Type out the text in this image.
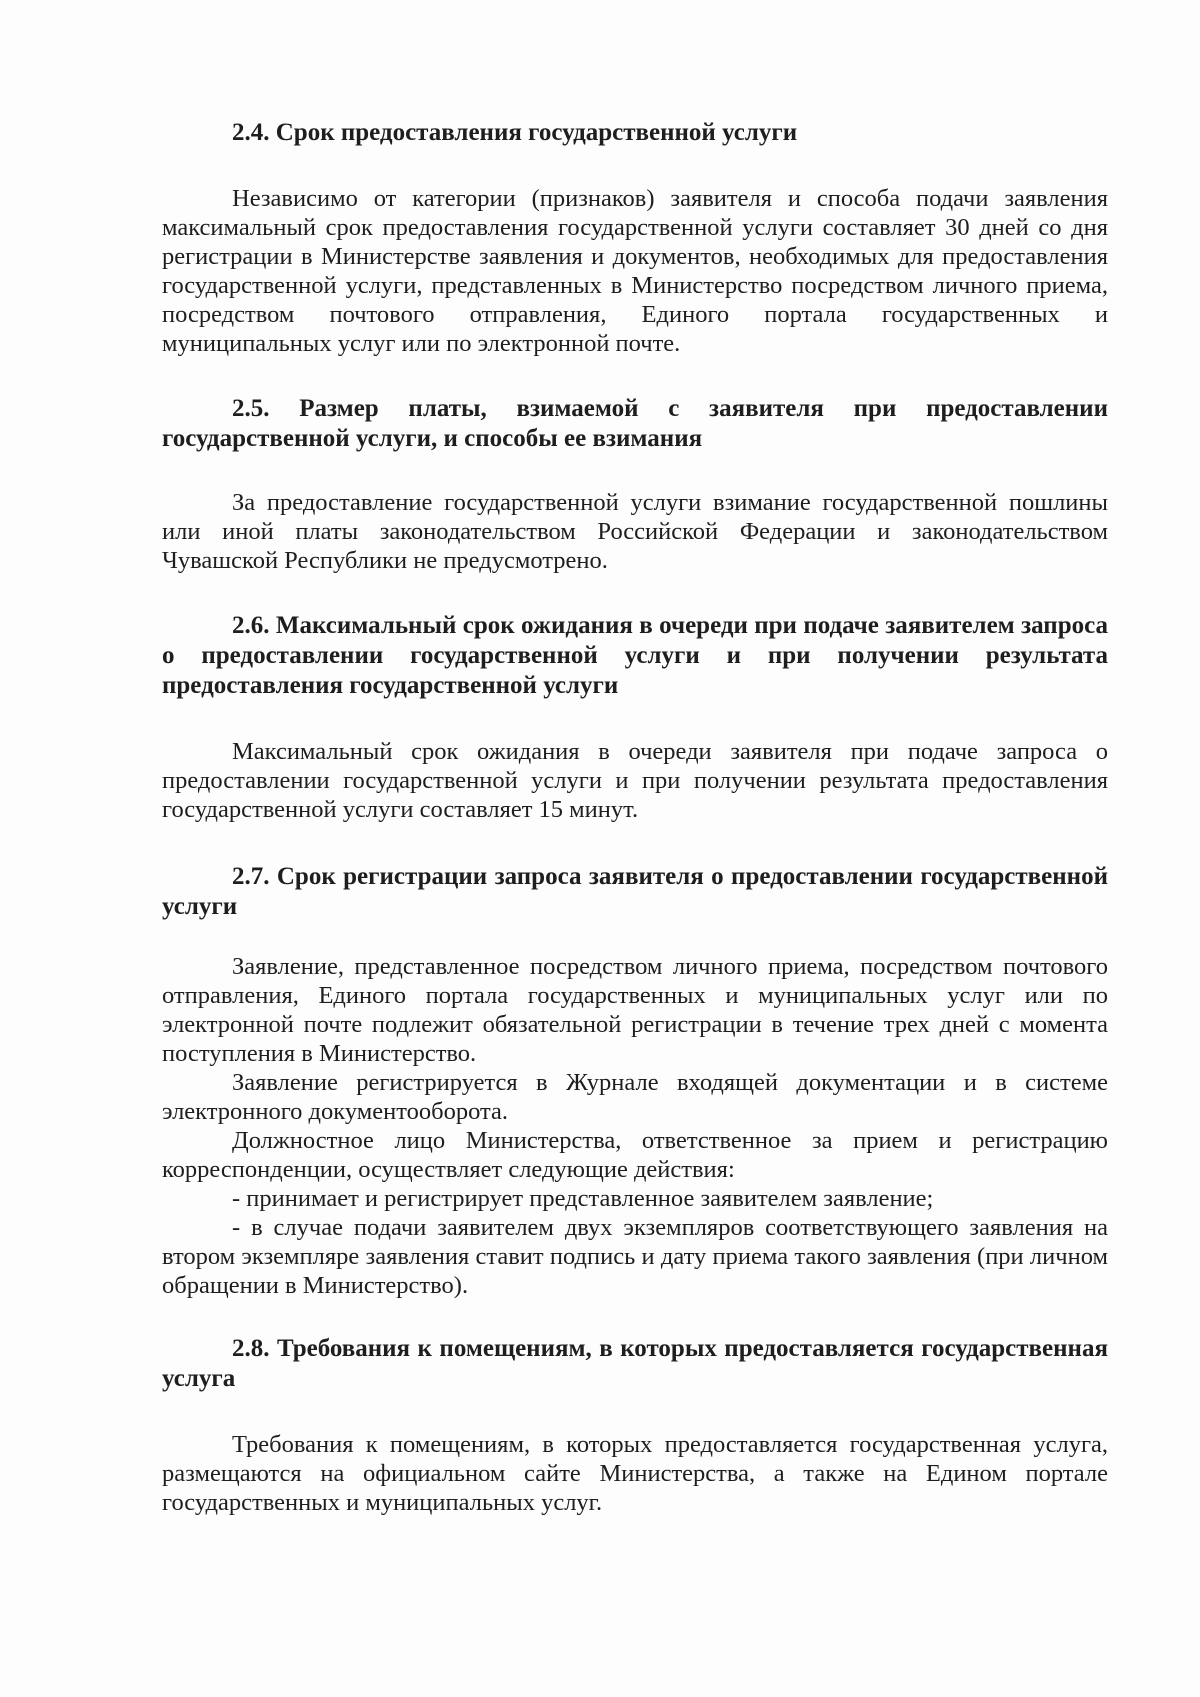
2.4. Срок предоставления государственной услуги

Независимо от категории (признаков) заявителя и способа подачи заявления максимальный срок предоставления государственной услуги составляет 30 дней со дня регистрации в Министерстве заявления и документов, необходимых для предоставления государственной услуги, представленных в Министерство посредством личного приема, посредством почтового отправления, Единого портала государственных и муниципальных услуг или по электронной почте.

2.5. Размер платы, взимаемой с заявителя при предоставлении государственной услуги, и способы ее взимания

За предоставление государственной услуги взимание государственной пошлины или иной платы законодательством Российской Федерации и законодательством Чувашской Республики не предусмотрено.

2.6. Максимальный срок ожидания в очереди при подаче заявителем запроса о предоставлении государственной услуги и при получении результата предоставления государственной услуги

Максимальный срок ожидания в очереди заявителя при подаче запроса о предоставлении государственной услуги и при получении результата предоставления государственной услуги составляет 15 минут.

2.7. Срок регистрации запроса заявителя о предоставлении государственной услуги

Заявление, представленное посредством личного приема, посредством почтового отправления, Единого портала государственных и муниципальных услуг или по электронной почте подлежит обязательной регистрации в течение трех дней с момента поступления в Министерство.

Заявление регистрируется в Журнале входящей документации и в системе электронного документооборота.

Должностное лицо Министерства, ответственное за прием и регистрацию корреспонденции, осуществляет следующие действия:

- принимает и регистрирует представленное заявителем заявление;

- в случае подачи заявителем двух экземпляров соответствующего заявления на втором экземпляре заявления ставит подпись и дату приема такого заявления (при личном обращении в Министерство).

2.8. Требования к помещениям, в которых предоставляется государственная услуга

Требования к помещениям, в которых предоставляется государственная услуга, размещаются на официальном сайте Министерства, а также на Едином портале государственных и муниципальных услуг.
